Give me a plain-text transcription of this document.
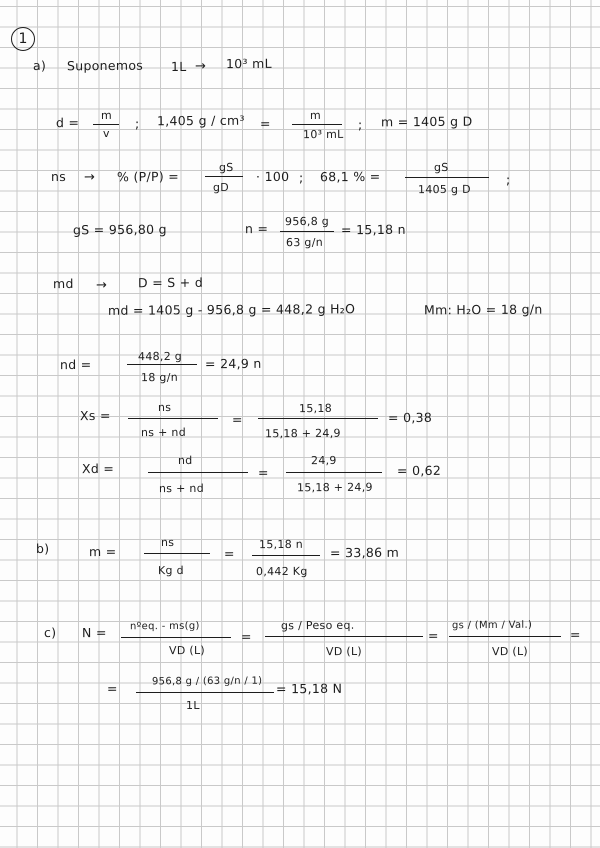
1
a) Suponemos 1L → 10³ mL
d = m
v
; 1,405 g / cm³ =
m
10³ mL
; m = 1405 g D
ns → % (P/P) =
gS
gD
· 100 ; 68,1 % =
gS
1405 g D
;
gS = 956,80 g	n = 956,8 g
63 g/n
= 15,18 n
md → D = S + d
md = 1405 g - 956,8 g = 448,2 g H₂O	Mm: H₂O = 18 g/n
nd =
448,2 g
18 g/n
= 24,9 n
Xs =
ns
ns + nd
=
15,18
15,18 + 24,9
= 0,38
Xd =
nd
ns + nd
=
24,9
15,18 + 24,9
= 0,62
b)	m =
ns
Kg d
=
15,18 n
0,442 Kg
= 33,86 m
c) N = nºeq. - ms(g)
VD (L)
=
gs / Peso eq.
VD (L)
=
gs / (Mm / Val.)
VD (L)
=
=	956,8 g / (63 g/n / 1)
1L
= 15,18 N
